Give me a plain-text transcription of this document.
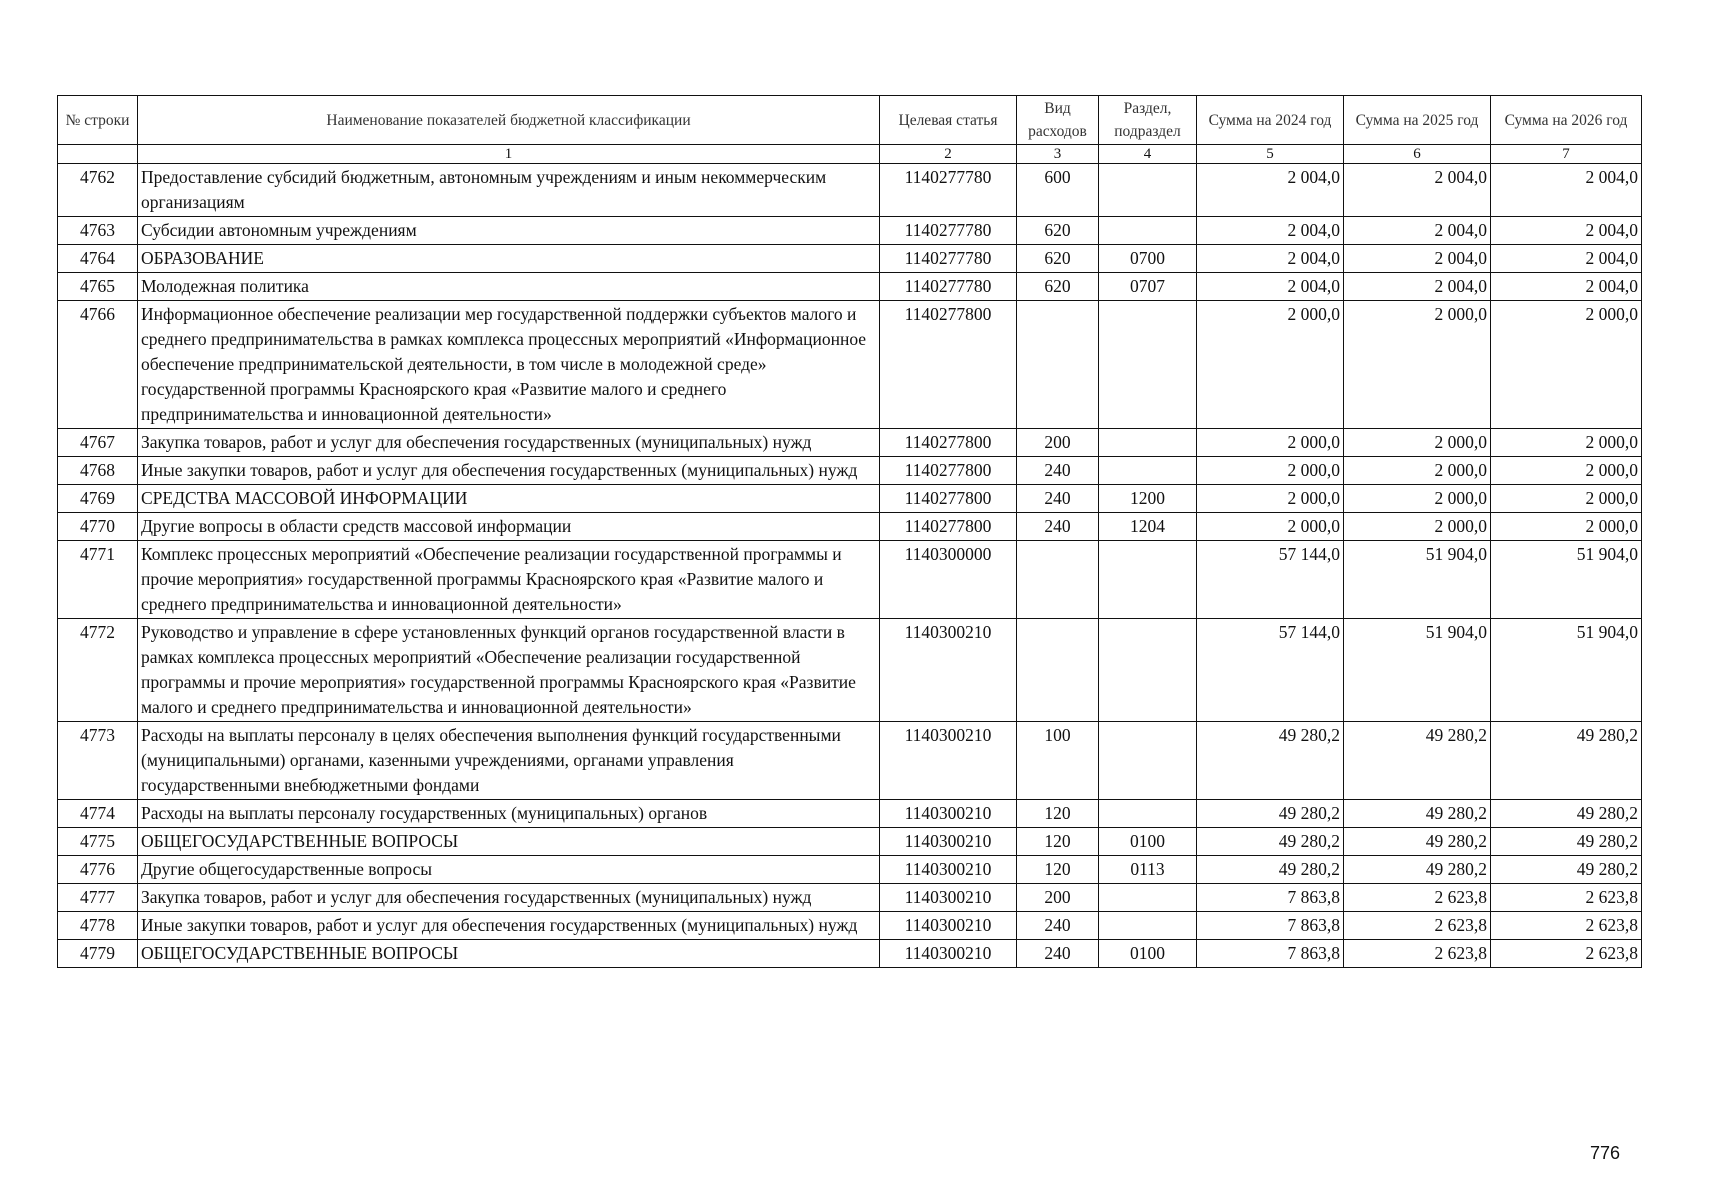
№ строки	Наименование показателей бюджетной классификации	Целевая статья	Вид расходов	Раздел, подраздел	Сумма на 2024 год	Сумма на 2025 год	Сумма на 2026 год
	1	2	3	4	5	6	7
4762	Предоставление субсидий бюджетным, автономным учреждениям и иным некоммерческим организациям	1140277780	600		2 004,0	2 004,0	2 004,0
4763	Субсидии автономным учреждениям	1140277780	620		2 004,0	2 004,0	2 004,0
4764	ОБРАЗОВАНИЕ	1140277780	620	0700	2 004,0	2 004,0	2 004,0
4765	Молодежная политика	1140277780	620	0707	2 004,0	2 004,0	2 004,0
4766	Информационное обеспечение реализации мер государственной поддержки субъектов малого и среднего предпринимательства в рамках комплекса процессных мероприятий «Информационное обеспечение предпринимательской деятельности, в том числе в молодежной среде» государственной программы Красноярского края «Развитие малого и среднего предпринимательства и инновационной деятельности»	1140277800			2 000,0	2 000,0	2 000,0
4767	Закупка товаров, работ и услуг для обеспечения государственных (муниципальных) нужд	1140277800	200		2 000,0	2 000,0	2 000,0
4768	Иные закупки товаров, работ и услуг для обеспечения государственных (муниципальных) нужд	1140277800	240		2 000,0	2 000,0	2 000,0
4769	СРЕДСТВА МАССОВОЙ ИНФОРМАЦИИ	1140277800	240	1200	2 000,0	2 000,0	2 000,0
4770	Другие вопросы в области средств массовой информации	1140277800	240	1204	2 000,0	2 000,0	2 000,0
4771	Комплекс процессных мероприятий «Обеспечение реализации государственной программы и прочие мероприятия» государственной программы Красноярского края «Развитие малого и среднего предпринимательства и инновационной деятельности»	1140300000			57 144,0	51 904,0	51 904,0
4772	Руководство и управление в сфере установленных функций органов государственной власти в рамках комплекса процессных мероприятий «Обеспечение реализации государственной программы и прочие мероприятия» государственной программы Красноярского края «Развитие малого и среднего предпринимательства и инновационной деятельности»	1140300210			57 144,0	51 904,0	51 904,0
4773	Расходы на выплаты персоналу в целях обеспечения выполнения функций государственными (муниципальными) органами, казенными учреждениями, органами управления государственными внебюджетными фондами	1140300210	100		49 280,2	49 280,2	49 280,2
4774	Расходы на выплаты персоналу государственных (муниципальных) органов	1140300210	120		49 280,2	49 280,2	49 280,2
4775	ОБЩЕГОСУДАРСТВЕННЫЕ ВОПРОСЫ	1140300210	120	0100	49 280,2	49 280,2	49 280,2
4776	Другие общегосударственные вопросы	1140300210	120	0113	49 280,2	49 280,2	49 280,2
4777	Закупка товаров, работ и услуг для обеспечения государственных (муниципальных) нужд	1140300210	200		7 863,8	2 623,8	2 623,8
4778	Иные закупки товаров, работ и услуг для обеспечения государственных (муниципальных) нужд	1140300210	240		7 863,8	2 623,8	2 623,8
4779	ОБЩЕГОСУДАРСТВЕННЫЕ ВОПРОСЫ	1140300210	240	0100	7 863,8	2 623,8	2 623,8
776
